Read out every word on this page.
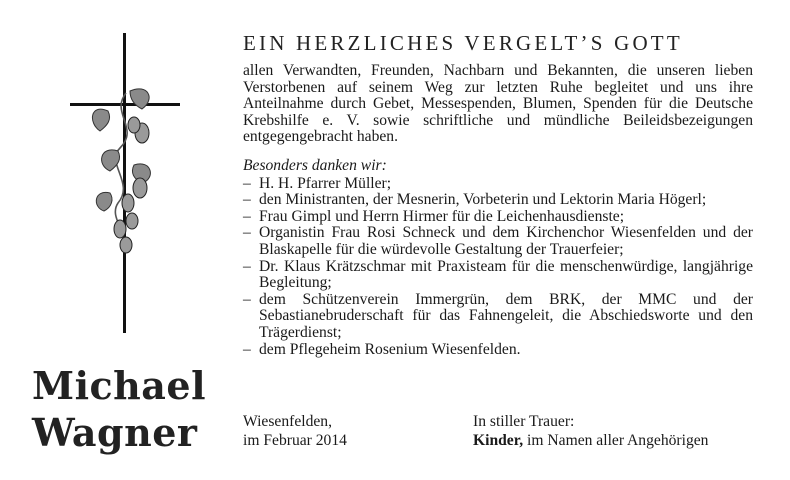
Michael
Wagner
EIN HERZLICHES VERGELT’S GOTT

allen Verwandten, Freunden, Nachbarn und Bekannten, die unseren lieben Verstorbenen auf seinem Weg zur letzten Ruhe begleitet und uns ihre Anteilnahme durch Gebet, Messespenden, Blumen, Spenden für die Deutsche Krebshilfe e. V. sowie schriftliche und mündliche Beileidsbezeigungen entgegengebracht haben.

Besonders danken wir:
– H. H. Pfarrer Müller;
– den Ministranten, der Mesnerin, Vorbeterin und Lektorin Maria Högerl;
– Frau Gimpl und Herrn Hirmer für die Leichenhausdienste;
– Organistin Frau Rosi Schneck und dem Kirchenchor Wiesenfelden und der Blaskapelle für die würdevolle Gestaltung der Trauerfeier;
– Dr. Klaus Krätzschmar mit Praxisteam für die menschenwürdige, langjährige Begleitung;
– dem Schützenverein Immergrün, dem BRK, der MMC und der Sebastianebruderschaft für das Fahnengeleit, die Abschiedsworte und den Trägerdienst;
– dem Pflegeheim Rosenium Wiesenfelden.
Wiesenfelden,
im Februar 2014
In stiller Trauer:
Kinder, im Namen aller Angehörigen
